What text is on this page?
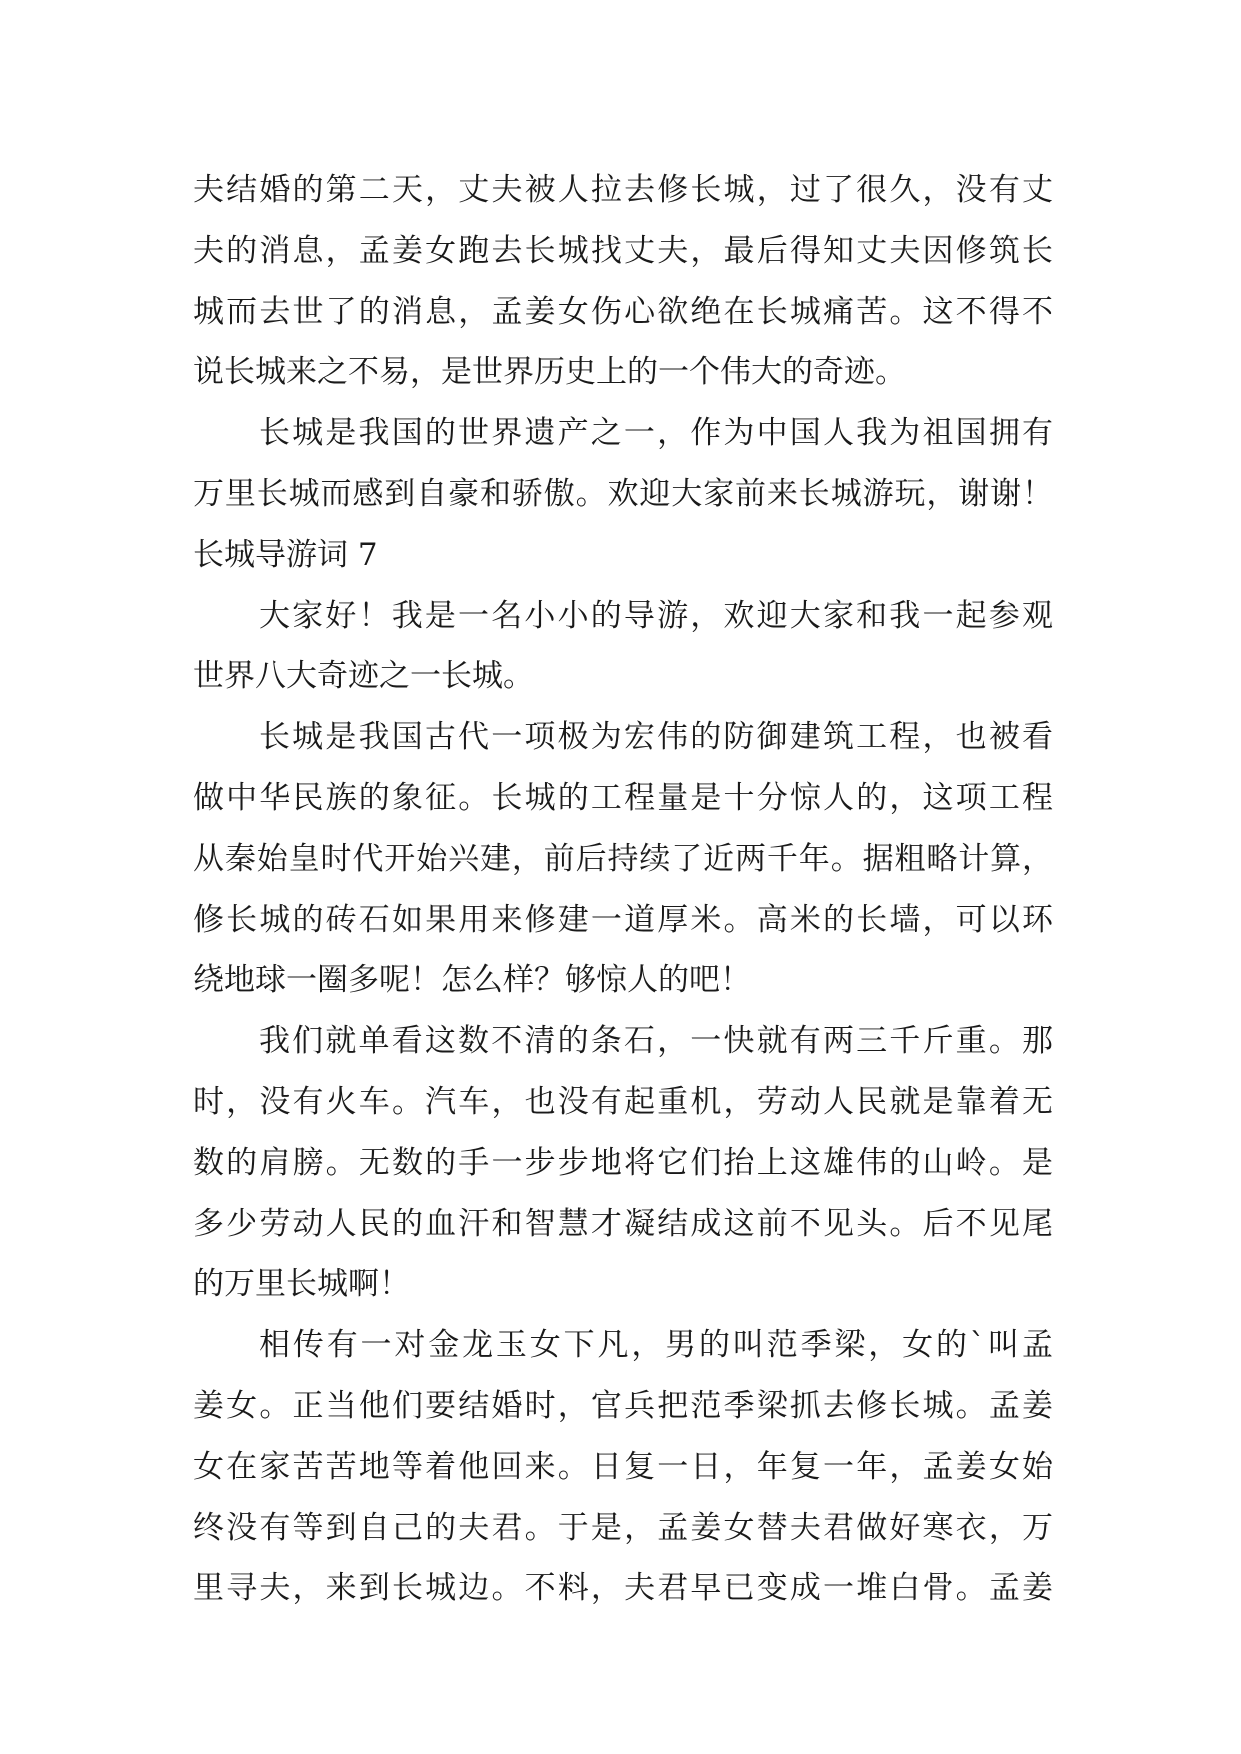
夫结婚的第二天，丈夫被人拉去修长城，过了很久，没有丈
夫的消息，孟姜女跑去长城找丈夫，最后得知丈夫因修筑长
城而去世了的消息，孟姜女伤心欲绝在长城痛苦。这不得不
说长城来之不易，是世界历史上的一个伟大的奇迹。
长城是我国的世界遗产之一，作为中国人我为祖国拥有
万里长城而感到自豪和骄傲。欢迎大家前来长城游玩，谢谢！
长城导游词 7
大家好！我是一名小小的导游，欢迎大家和我一起参观
世界八大奇迹之一长城。
长城是我国古代一项极为宏伟的防御建筑工程，也被看
做中华民族的象征。长城的工程量是十分惊人的，这项工程
从秦始皇时代开始兴建，前后持续了近两千年。据粗略计算，
修长城的砖石如果用来修建一道厚米。高米的长墙，可以环
绕地球一圈多呢！怎么样？够惊人的吧！
我们就单看这数不清的条石，一快就有两三千斤重。那
时，没有火车。汽车，也没有起重机，劳动人民就是靠着无
数的肩膀。无数的手一步步地将它们抬上这雄伟的山岭。是
多少劳动人民的血汗和智慧才凝结成这前不见头。后不见尾
的万里长城啊！
相传有一对金龙玉女下凡，男的叫范季梁，女的`叫孟
姜女。正当他们要结婚时，官兵把范季梁抓去修长城。孟姜
女在家苦苦地等着他回来。日复一日，年复一年，孟姜女始
终没有等到自己的夫君。于是，孟姜女替夫君做好寒衣，万
里寻夫，来到长城边。不料，夫君早已变成一堆白骨。孟姜
